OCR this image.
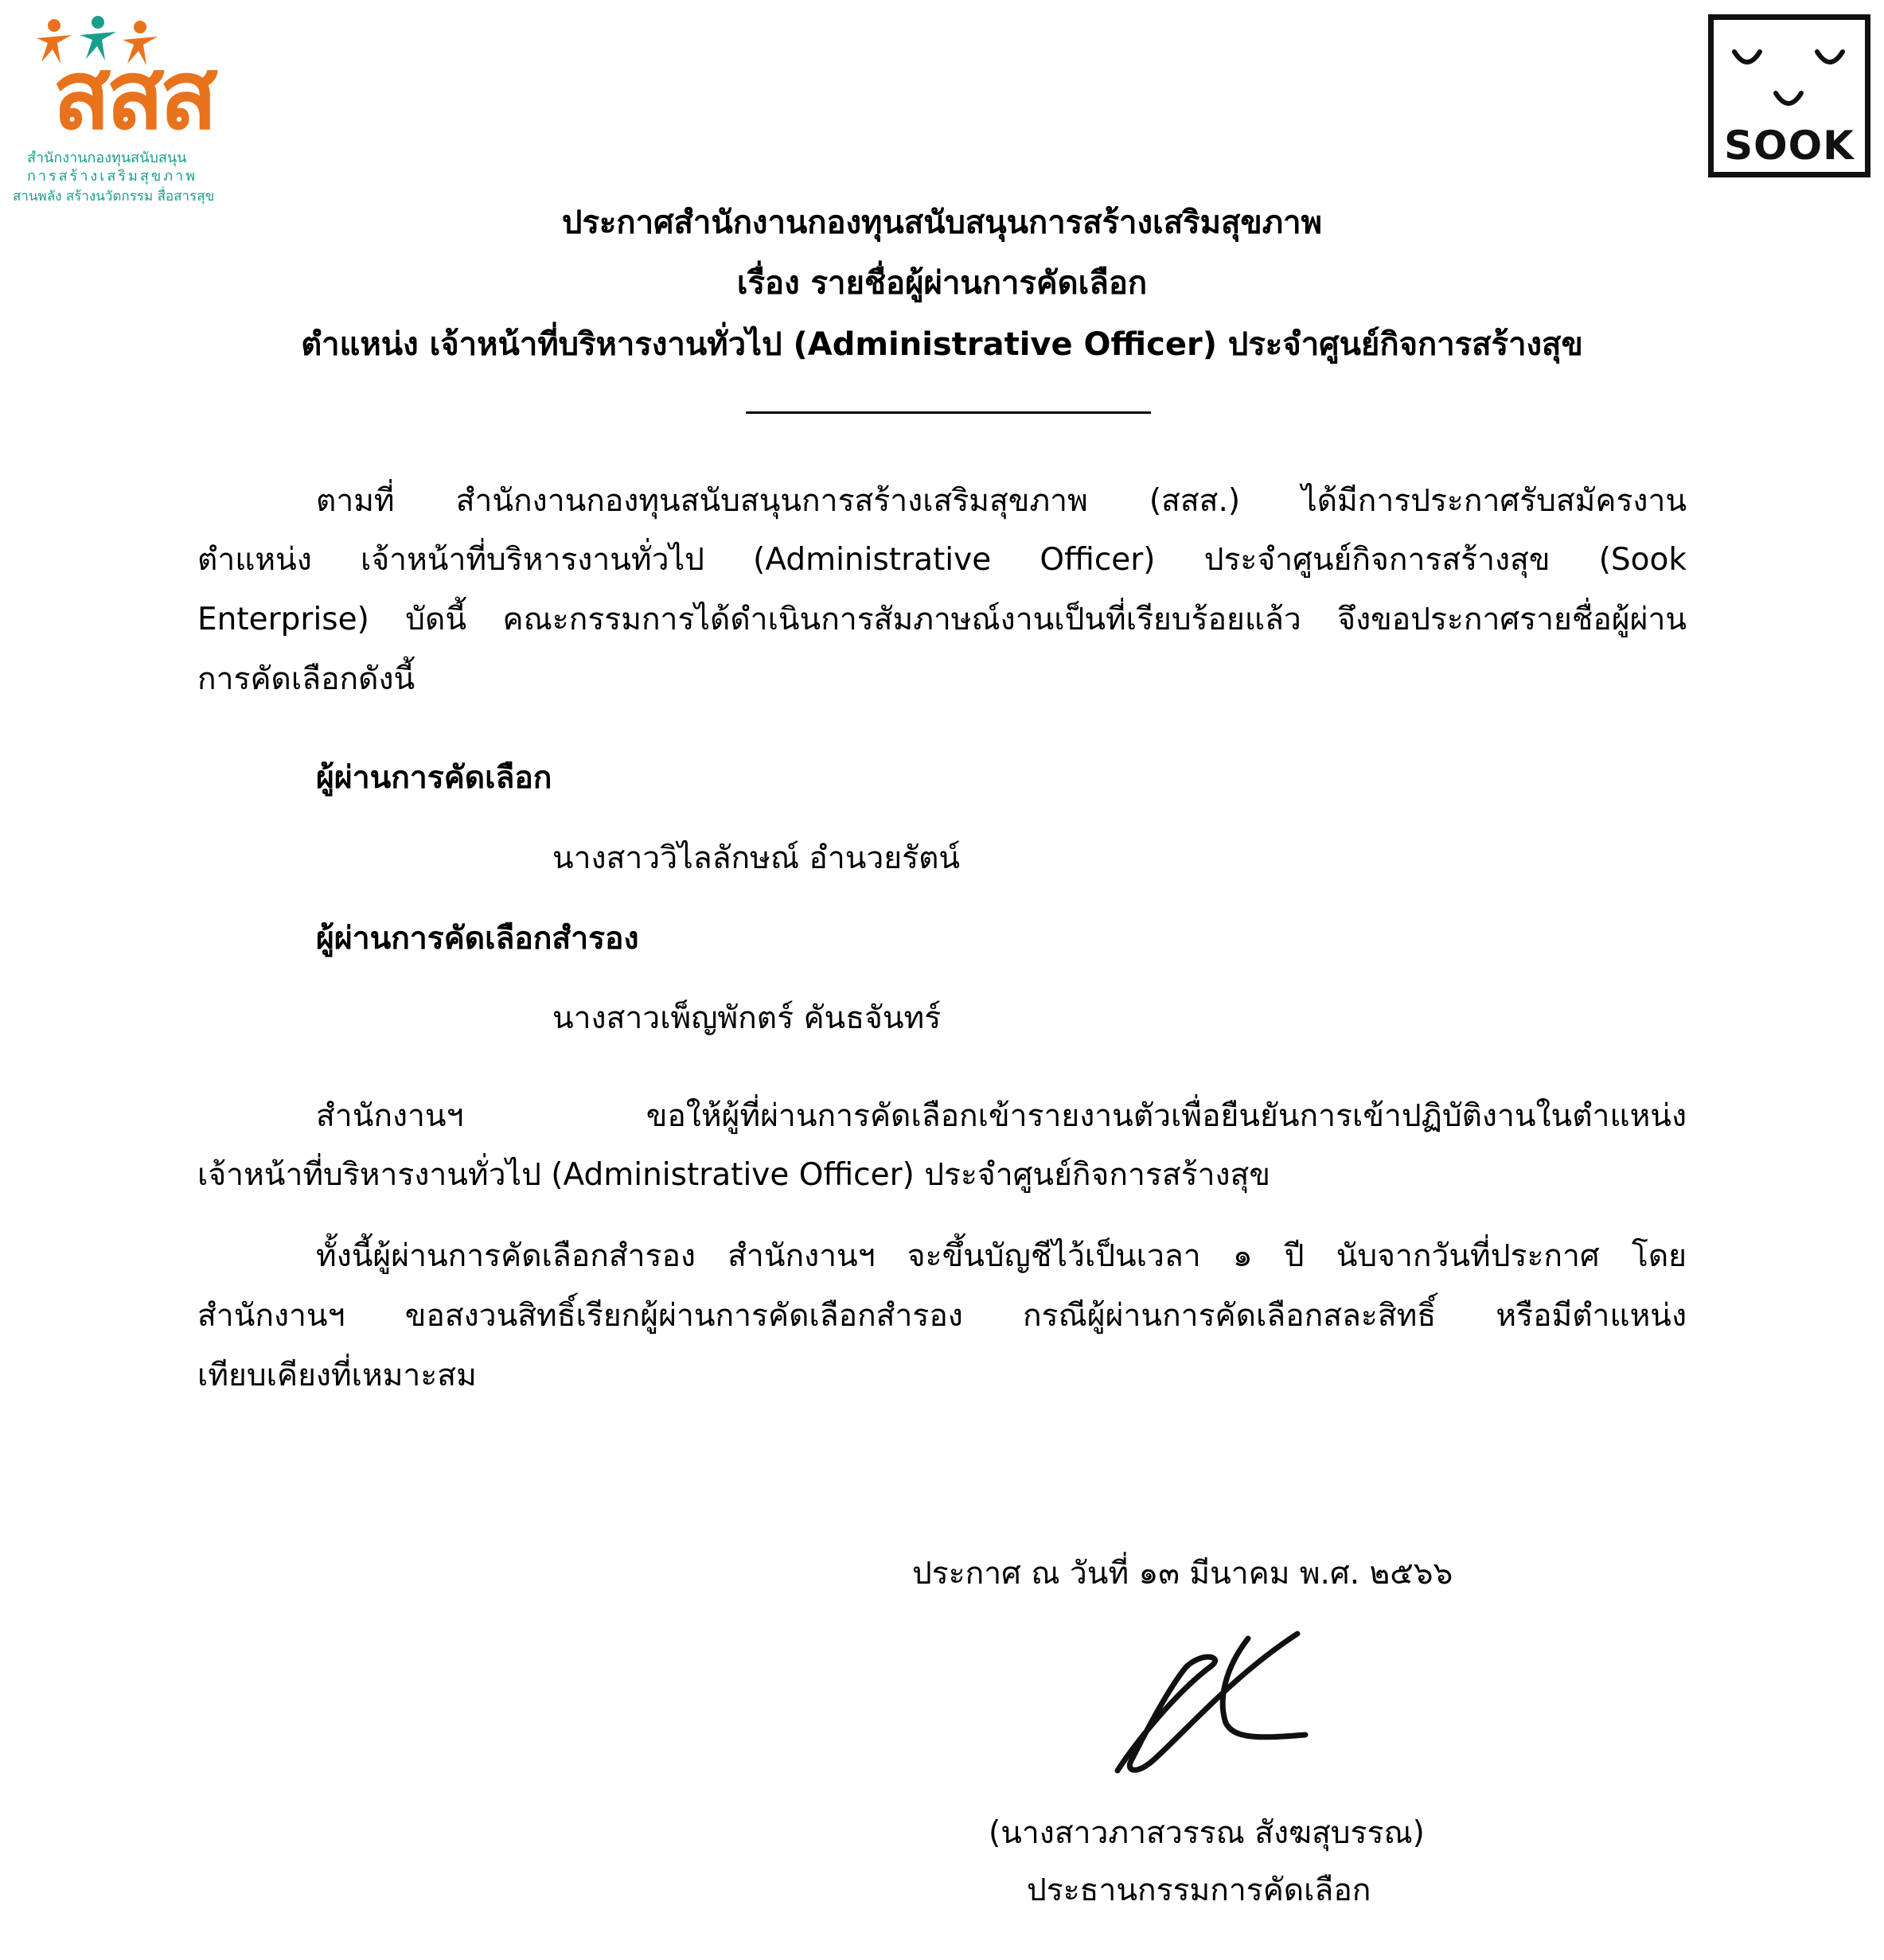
สสส
สำนักงานกองทุนสนับสนุน
การสร้างเสริมสุขภาพ
สานพลัง สร้างนวัตกรรม สื่อสารสุข
SOOK
ประกาศสำนักงานกองทุนสนับสนุนการสร้างเสริมสุขภาพ
เรื่อง รายชื่อผู้ผ่านการคัดเลือก
ตำแหน่ง เจ้าหน้าที่บริหารงานทั่วไป (Administrative Officer) ประจำศูนย์กิจการสร้างสุข
ตามที่ สำนักงานกองทุนสนับสนุนการสร้างเสริมสุขภาพ (สสส.) ได้มีการประกาศรับสมัครงาน
ตำแหน่ง เจ้าหน้าที่บริหารงานทั่วไป (Administrative Officer) ประจำศูนย์กิจการสร้างสุข (Sook
Enterprise) บัดนี้ คณะกรรมการได้ดำเนินการสัมภาษณ์งานเป็นที่เรียบร้อยแล้ว จึงขอประกาศรายชื่อผู้ผ่าน
การคัดเลือกดังนี้
ผู้ผ่านการคัดเลือก
นางสาววิไลลักษณ์ อำนวยรัตน์
ผู้ผ่านการคัดเลือกสำรอง
นางสาวเพ็ญพักตร์ คันธจันทร์
สำนักงานฯ ขอให้ผู้ที่ผ่านการคัดเลือกเข้ารายงานตัวเพื่อยืนยันการเข้าปฏิบัติงานในตำแหน่ง
เจ้าหน้าที่บริหารงานทั่วไป (Administrative Officer) ประจำศูนย์กิจการสร้างสุข
ทั้งนี้ผู้ผ่านการคัดเลือกสำรอง สำนักงานฯ จะขึ้นบัญชีไว้เป็นเวลา ๑ ปี นับจากวันที่ประกาศ โดย
สำนักงานฯ ขอสงวนสิทธิ์เรียกผู้ผ่านการคัดเลือกสำรอง กรณีผู้ผ่านการคัดเลือกสละสิทธิ์ หรือมีตำแหน่ง
เทียบเคียงที่เหมาะสม
ประกาศ ณ วันที่ ๑๓ มีนาคม พ.ศ. ๒๕๖๖
(นางสาวภาสวรรณ สังฆสุบรรณ)
ประธานกรรมการคัดเลือก
